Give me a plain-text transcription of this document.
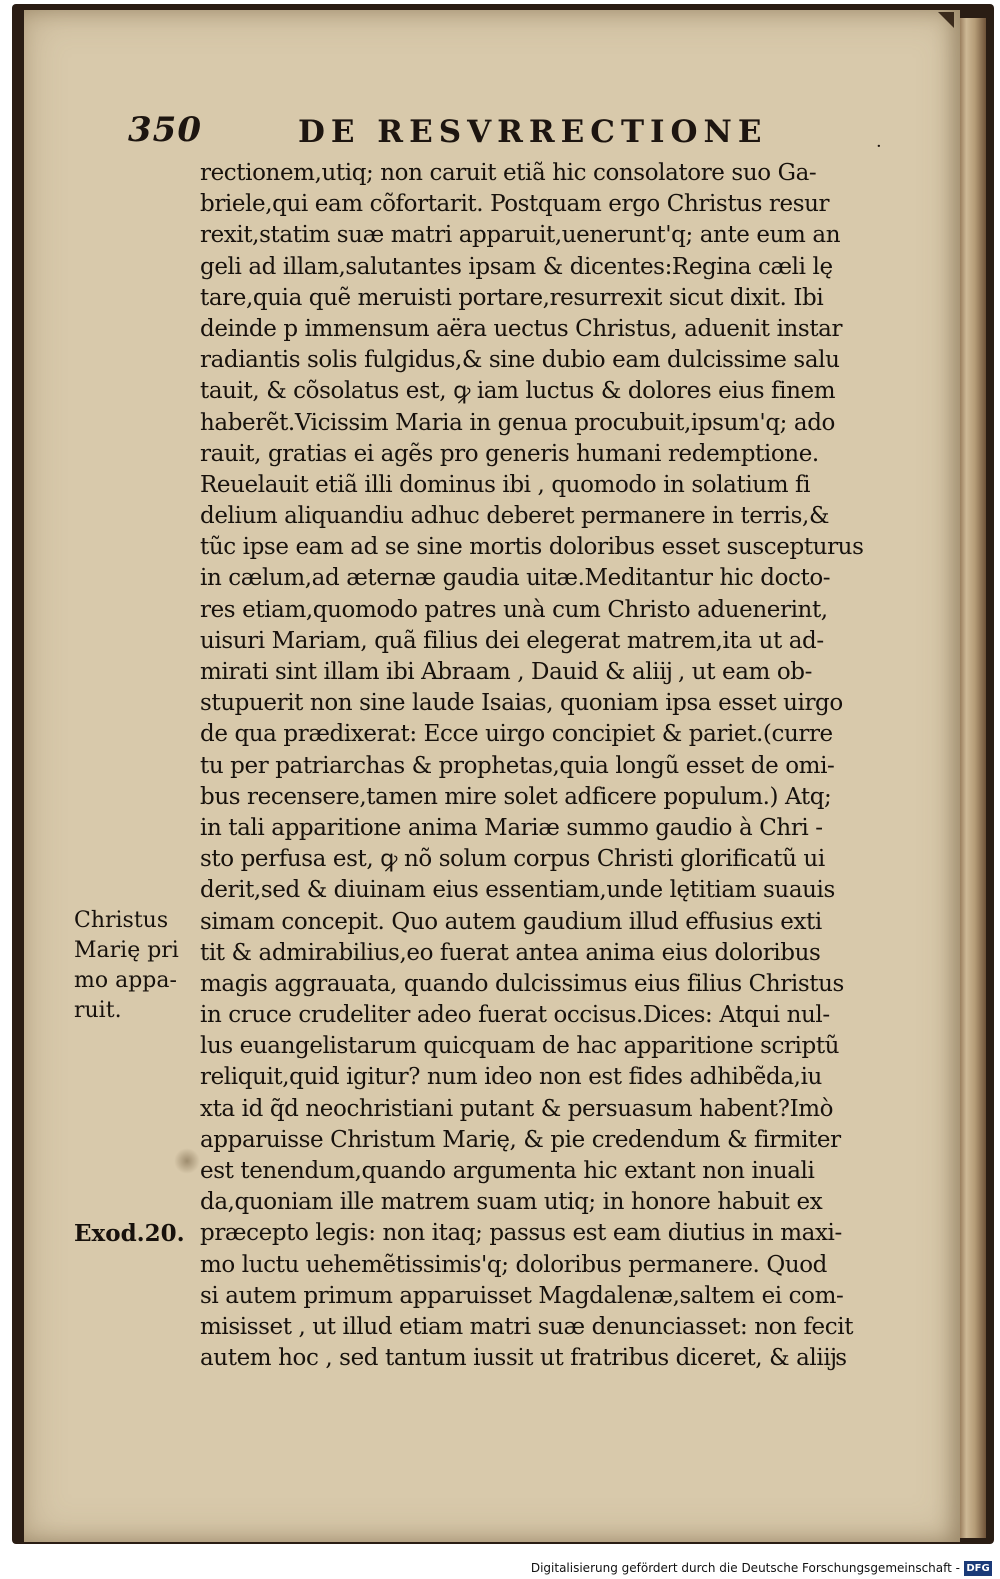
350	DE RESVRRECTIONE	·
rectionem,utiq; non caruit etiã hic consolatore suo Ga-
briele,qui eam cõfortarit. Postquam ergo Christus resur
rexit,statim suæ matri apparuit,uenerunt'q; ante eum an
geli ad illam,salutantes ipsam & dicentes:Regina cæli lę
tare,quia quẽ meruisti portare,resurrexit sicut dixit. Ibi
deinde p immensum aëra uectus Christus, aduenit instar
radiantis solis fulgidus,& sine dubio eam dulcissime salu
tauit, & cõsolatus est, ꝙ iam luctus & dolores eius finem
haberẽt.Vicissim Maria in genua procubuit,ipsum'q; ado
rauit, gratias ei agẽs pro generis humani redemptione.
Reuelauit etiã illi dominus ibi , quomodo in solatium fi
delium aliquandiu adhuc deberet permanere in terris,&
tũc ipse eam ad se sine mortis doloribus esset suscepturus
in cælum,ad æternæ gaudia uitæ.Meditantur hic docto-
res etiam,quomodo patres unà cum Christo aduenerint,
uisuri Mariam, quã filius dei elegerat matrem,ita ut ad-
mirati sint illam ibi Abraam , Dauid & aliĳ , ut eam ob-
stupuerit non sine laude Isaias, quoniam ipsa esset uirgo
de qua prædixerat: Ecce uirgo concipiet & pariet.(curre
tu per patriarchas & prophetas,quia longũ esset de omi-
bus recensere,tamen mire solet adficere populum.) Atq;
in tali apparitione anima Mariæ summo gaudio à Chri -
sto perfusa est, ꝙ nõ solum corpus Christi glorificatũ ui
derit,sed & diuinam eius essentiam,unde lętitiam suauis
simam concepit. Quo autem gaudium illud effusius exti
tit & admirabilius,eo fuerat antea anima eius doloribus
magis aggrauata, quando dulcissimus eius filius Christus
in cruce crudeliter adeo fuerat occisus.Dices: Atqui nul-
lus euangelistarum quicquam de hac apparitione scriptũ
reliquit,quid igitur? num ideo non est fides adhibẽda,iu
xta id q̃d neochristiani putant & persuasum habent?Imò
apparuisse Christum Marię, & pie credendum & firmiter
est tenendum,quando argumenta hic extant non inuali
da,quoniam ille matrem suam utiq; in honore habuit ex
præcepto legis: non itaq; passus est eam diutius in maxi-
mo luctu uehemẽtissimis'q; doloribus permanere. Quod
si autem primum apparuisset Magdalenæ,saltem ei com-
misisset , ut illud etiam matri suæ denunciasset: non fecit
autem hoc , sed tantum iussit ut fratribus diceret, & aliĳs
Christus
Marię pri
mo appa-
ruit.
Exod.20.
Digitalisierung gefördert durch die Deutsche Forschungsgemeinschaft - DFG
